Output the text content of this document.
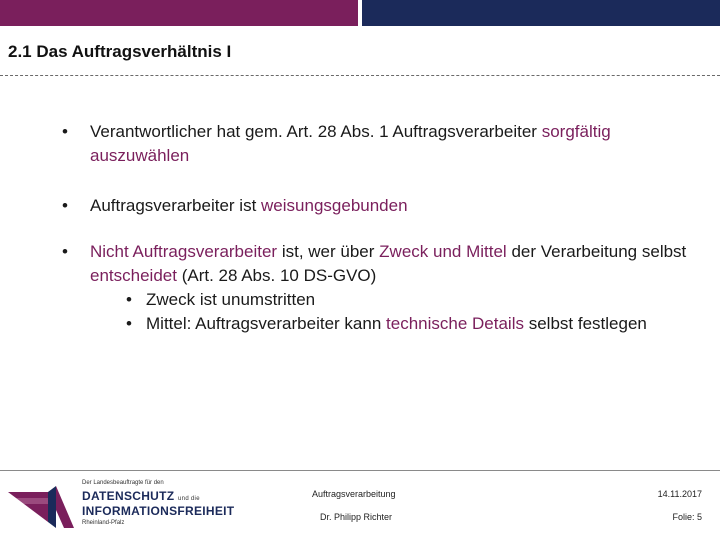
2.1 Das Auftragsverhältnis I
• Verantwortlicher hat gem. Art. 28 Abs. 1 Auftragsverarbeiter sorgfältig auszuwählen
• Auftragsverarbeiter ist weisungsgebunden
• Nicht Auftragsverarbeiter ist, wer über Zweck und Mittel der Verarbeitung selbst entscheidet (Art. 28 Abs. 10 DS-GVO)
• Zweck ist unumstritten
• Mittel: Auftragsverarbeiter kann technische Details selbst festlegen
Der Landesbeauftragte für den
DATENSCHUTZ und die
INFORMATIONSFREIHEIT
Rheinland-Pfalz
Auftragsverarbeitung
Dr. Philipp Richter
14.11.2017
Folie: 5
